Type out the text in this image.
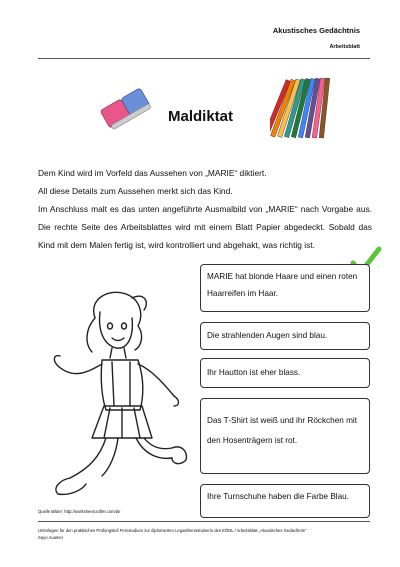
Akustisches Gedächtnis
Arbeitsblatt
Maldiktat

Dem Kind wird im Vorfeld das Aussehen von „MARIE“ diktiert.

All diese Details zum Aussehen merkt sich das Kind.

Im Anschluss malt es das unten angeführte Ausmalbild von „MARIE“ nach Vorgabe aus. Die rechte Seite des Arbeitsblattes wird mit einem Blatt Papier abgedeckt. Sobald das Kind mit dem Malen fertig ist, wird kontrolliert und abgehakt, was richtig ist.

MARIE hat blonde Haare und einen roten Haarreifen im Haar.
Die strahlenden Augen sind blau.
Ihr Hautton ist eher blass.
Das T-Shirt ist weiß und ihr Röckchen mit den Hosenträgern ist rot.
Ihre Turnschuhe haben die Farbe Blau.
Quelle Bilder: http://worksheetcrafter.com/de
Unterlagen für den praktischen Prüfungsteil Fernstudium zur diplomierten Legasthenietrainerin des EÖDL / Arbeitsblatt „Akustisches Gedächtnis“
Sayo Auamer
